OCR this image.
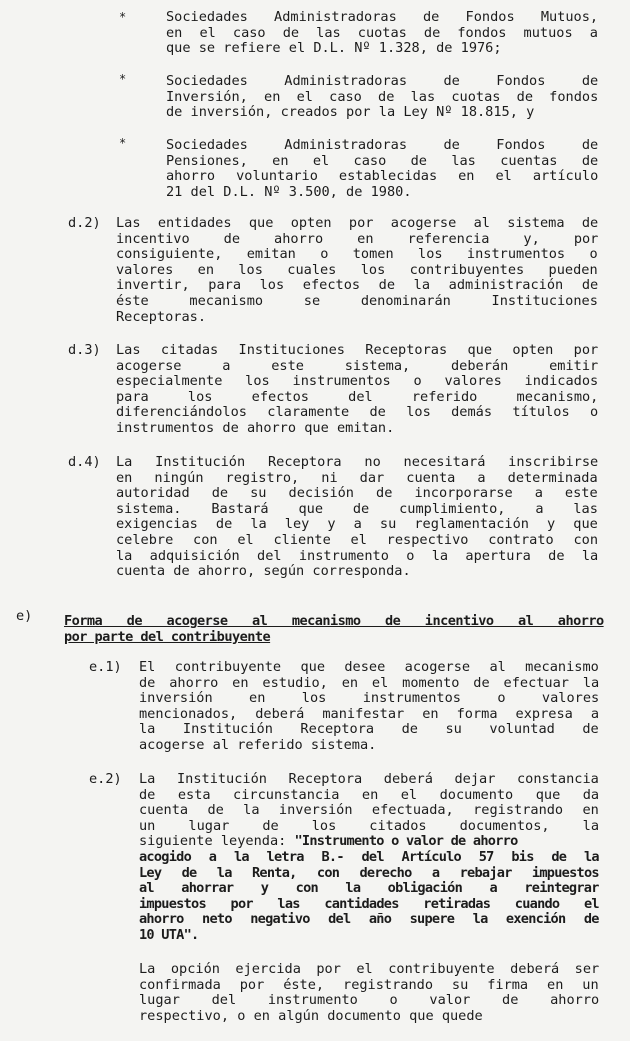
*	Sociedades Administradoras de Fondos Mutuos,
en el caso de las cuotas de fondos mutuos a
que se refiere el D.L. Nº 1.328, de 1976;
*	Sociedades Administradoras de Fondos de
Inversión, en el caso de las cuotas de fondos
de inversión, creados por la Ley Nº 18.815, y
*	Sociedades Administradoras de Fondos de
Pensiones, en el caso de las cuentas de
ahorro voluntario establecidas en el artículo
21 del D.L. Nº 3.500, de 1980.
d.2) Las entidades que opten por acogerse al sistema de
incentivo de ahorro en referencia y, por
consiguiente, emitan o tomen los instrumentos o
valores en los cuales los contribuyentes pueden
invertir, para los efectos de la administración de
éste mecanismo se denominarán Instituciones
Receptoras.
d.3) Las citadas Instituciones Receptoras que opten por
acogerse a este sistema, deberán emitir
especialmente los instrumentos o valores indicados
para los efectos del referido mecanismo,
diferenciándolos claramente de los demás títulos o
instrumentos de ahorro que emitan.
d.4) La Institución Receptora no necesitará inscribirse
en ningún registro, ni dar cuenta a determinada
autoridad de su decisión de incorporarse a este
sistema. Bastará que de cumplimiento, a las
exigencias de la ley y a su reglamentación y que
celebre con el cliente el respectivo contrato con
la adquisición del instrumento o la apertura de la
cuenta de ahorro, según corresponda.
e) Forma de acogerse al mecanismo de incentivo al ahorro
por parte del contribuyente
e.1) El contribuyente que desee acogerse al mecanismo
de ahorro en estudio, en el momento de efectuar la
inversión en los instrumentos o valores
mencionados, deberá manifestar en forma expresa a
la Institución Receptora de su voluntad de
acogerse al referido sistema.
e.2) La Institución Receptora deberá dejar constancia
de esta circunstancia en el documento que da
cuenta de la inversión efectuada, registrando en
un lugar de los citados documentos, la
siguiente leyenda: "Instrumento o valor de ahorro
acogido a la letra B.- del Artículo 57 bis de la
Ley de la Renta, con derecho a rebajar impuestos
al ahorrar y con la obligación a reintegrar
impuestos por las cantidades retiradas cuando el
ahorro neto negativo del año supere la exención de
10 UTA".
La opción ejercida por el contribuyente deberá ser
confirmada por éste, registrando su firma en un
lugar del instrumento o valor de ahorro
respectivo, o en algún documento que quede
